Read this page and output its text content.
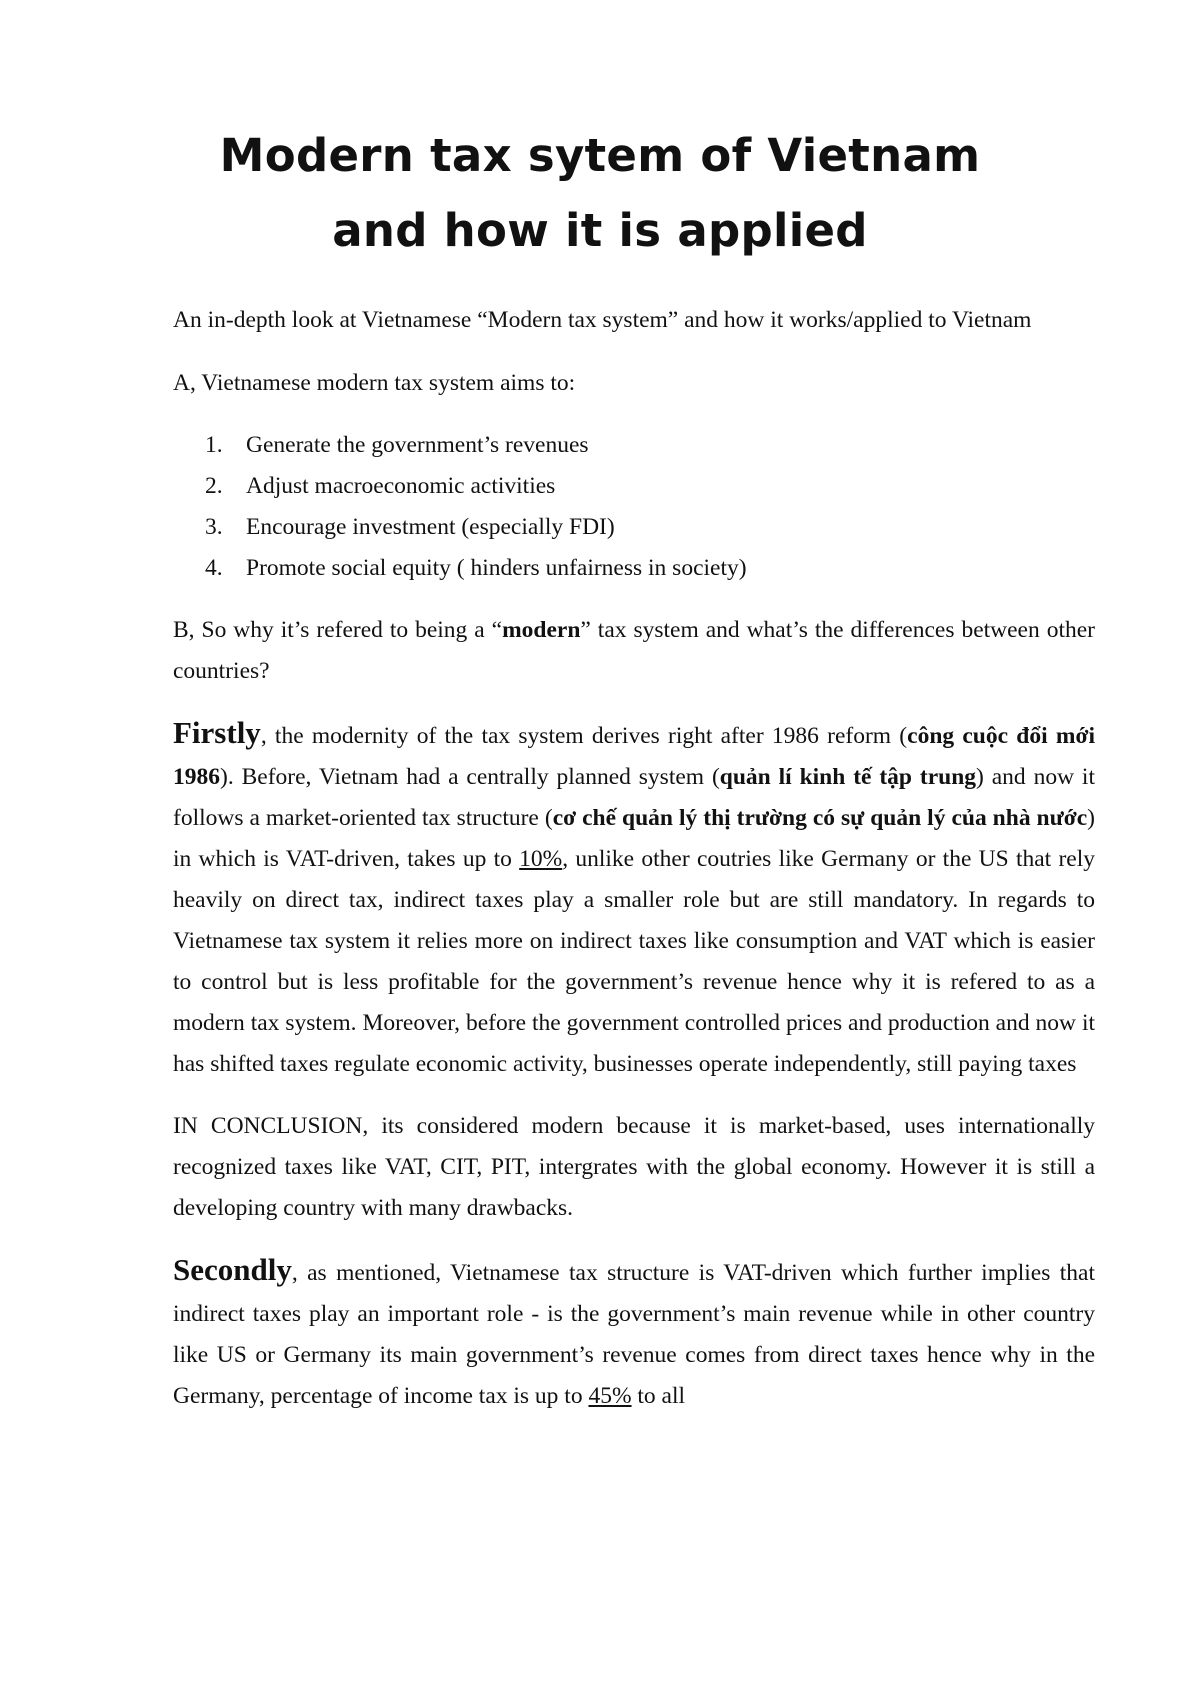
Modern tax sytem of Vietnam
and how it is applied

An in-depth look at Vietnamese “Modern tax system” and how it works/applied to Vietnam

A, Vietnamese modern tax system aims to:

1. Generate the government’s revenues
2. Adjust macroeconomic activities
3. Encourage investment (especially FDI)
4. Promote social equity ( hinders unfairness in society)

B, So why it’s refered to being a “modern” tax system and what’s the differences between other countries?

Firstly, the modernity of the tax system derives right after 1986 reform (công cuộc đổi mới 1986). Before, Vietnam had a centrally planned system (quản lí kinh tế tập trung) and now it follows a market-oriented tax structure (cơ chế quản lý thị trường có sự quản lý của nhà nước) in which is VAT-driven, takes up to 10%, unlike other coutries like Germany or the US that rely heavily on direct tax, indirect taxes play a smaller role but are still mandatory. In regards to Vietnamese tax system it relies more on indirect taxes like consumption and VAT which is easier to control but is less profitable for the government’s revenue hence why it is refered to as a modern tax system. Moreover, before the government controlled prices and production and now it has shifted taxes regulate economic activity, businesses operate independently, still paying taxes

IN CONCLUSION, its considered modern because it is market-based, uses internationally recognized taxes like VAT, CIT, PIT, intergrates with the global economy. However it is still a developing country with many drawbacks.

Secondly, as mentioned, Vietnamese tax structure is VAT-driven which further implies that indirect taxes play an important role - is the government’s main revenue while in other country like US or Germany its main government’s revenue comes from direct taxes hence why in the Germany, percentage of income tax is up to 45% to all
